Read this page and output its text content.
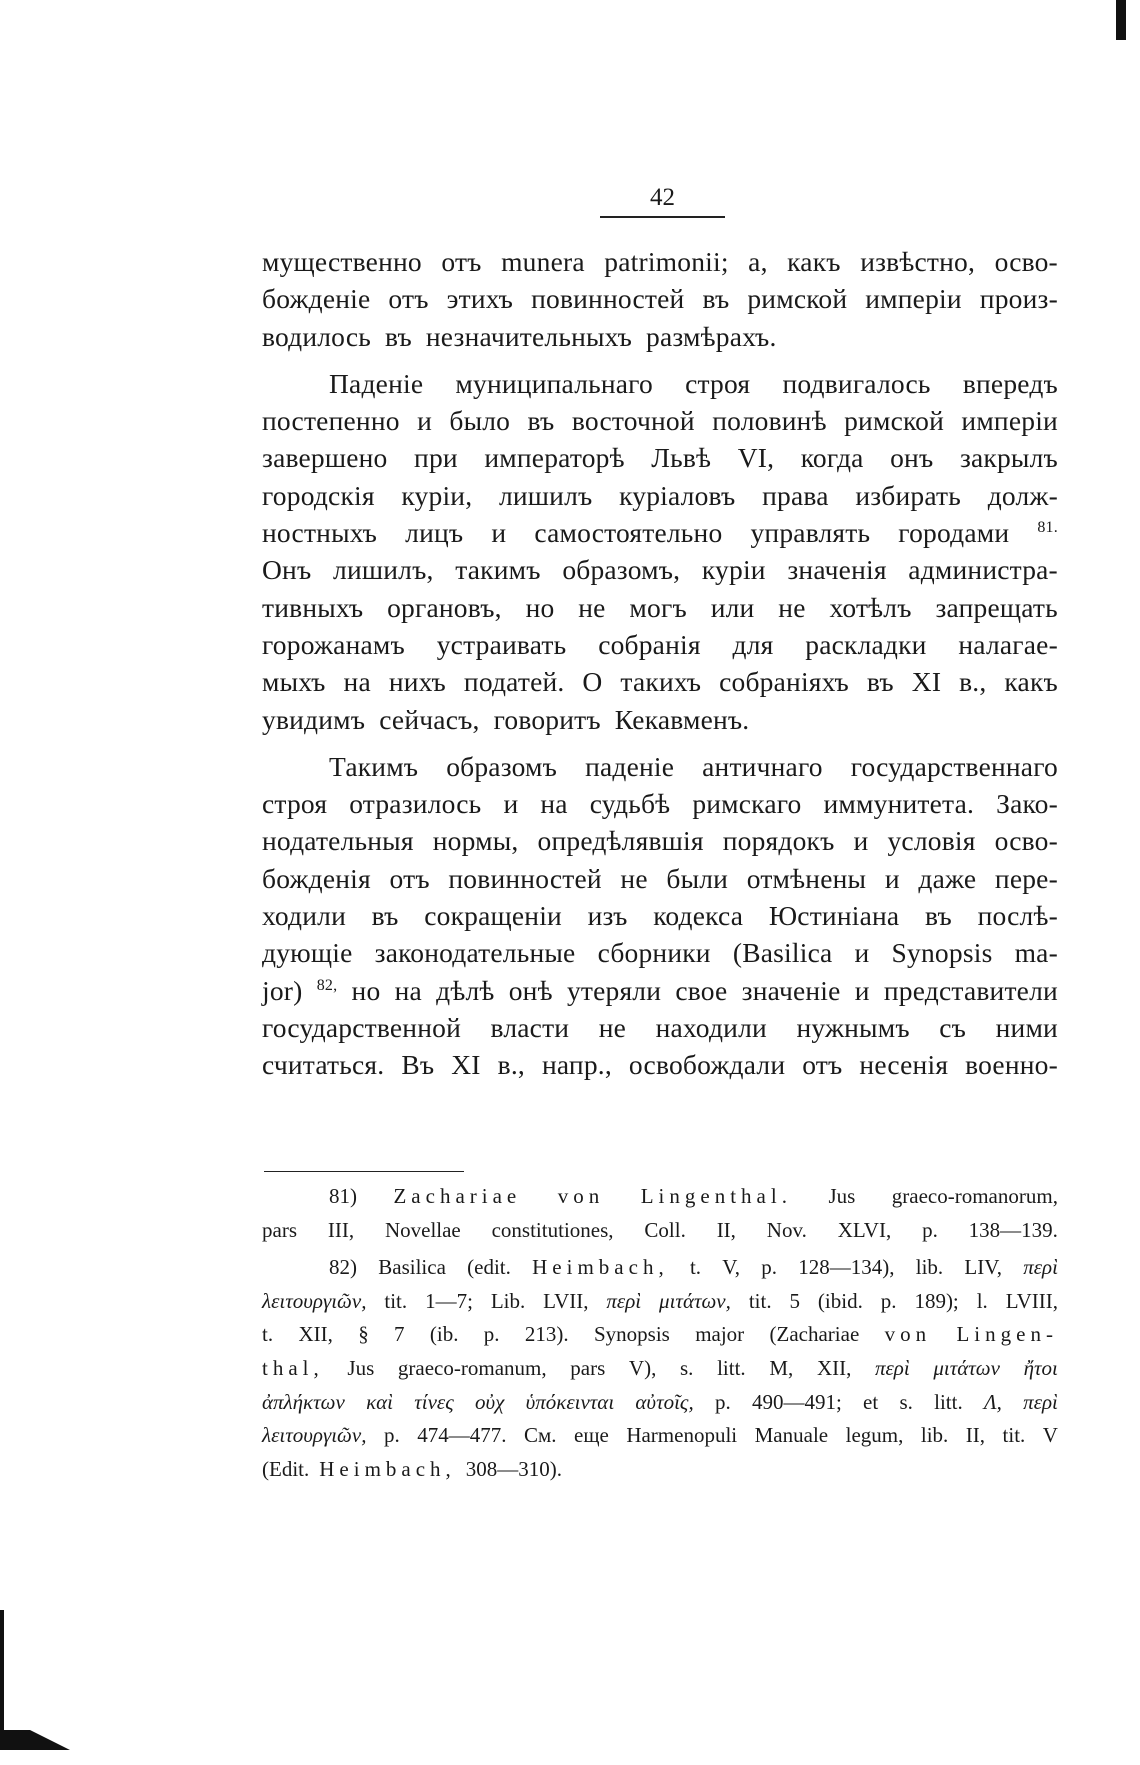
42
мущественно отъ munera patrimonii; а, какъ извѣстно, осво-
божденіе отъ этихъ повинностей въ римской имперіи произ-
водилось въ незначительныхъ размѣрахъ.
Паденіе муниципальнаго строя подвигалось впередъ
постепенно и было въ восточной половинѣ римской имперіи
завершено при императорѣ Львѣ VI, когда онъ закрылъ
городскія куріи, лишилъ куріаловъ права избирать долж-
ностныхъ лицъ и самостоятельно управлять городами 81.
Онъ лишилъ, такимъ образомъ, куріи значенія администра-
тивныхъ органовъ, но не могъ или не хотѣлъ запрещать
горожанамъ устраивать собранія для раскладки налагае-
мыхъ на нихъ податей. О такихъ собраніяхъ въ XI в., какъ
увидимъ сейчасъ, говоритъ Кекавменъ.
Такимъ образомъ паденіе античнаго государственнаго
строя отразилось и на судьбѣ римскаго иммунитета. Зако-
нодательныя нормы, опредѣлявшія порядокъ и условія осво-
божденія отъ повинностей не были отмѣнены и даже пере-
ходили въ сокращеніи изъ кодекса Юстиніана въ послѣ-
дующіе законодательные сборники (Basilica и Synopsis ma-
jor) 82, но на дѣлѣ онѣ утеряли свое значеніе и представители
государственной власти не находили нужнымъ съ ними
считаться. Въ XI в., напр., освобождали отъ несенія военно-
81) Zachariae von Lingenthal. Jus graeco-romanorum,
pars III, Novellae constitutiones, Coll. II, Nov. XLVI, p. 138—139.
82) Basilica (edit. Heimbach, t. V, p. 128—134), lib. LIV, περὶ
λειτουργιῶν, tit. 1—7; Lib. LVII, περὶ μιτάτων, tit. 5 (ibid. p. 189); l. LVIII,
t. XII, § 7 (ib. p. 213). Synopsis major (Zachariae von Lingen-
thal, Jus graeco-romanum, pars V), s. litt. M, XII, περὶ μιτάτων ἤτοι
ἀπλήκτων καὶ τίνες οὐχ ὑπόκεινται αὐτοῖς, p. 490—491; et s. litt. Λ, περὶ
λειτουργιῶν, p. 474—477. См. еще Harmenopuli Manuale legum, lib. II, tit. V
(Edit. Heimbach, 308—310).
